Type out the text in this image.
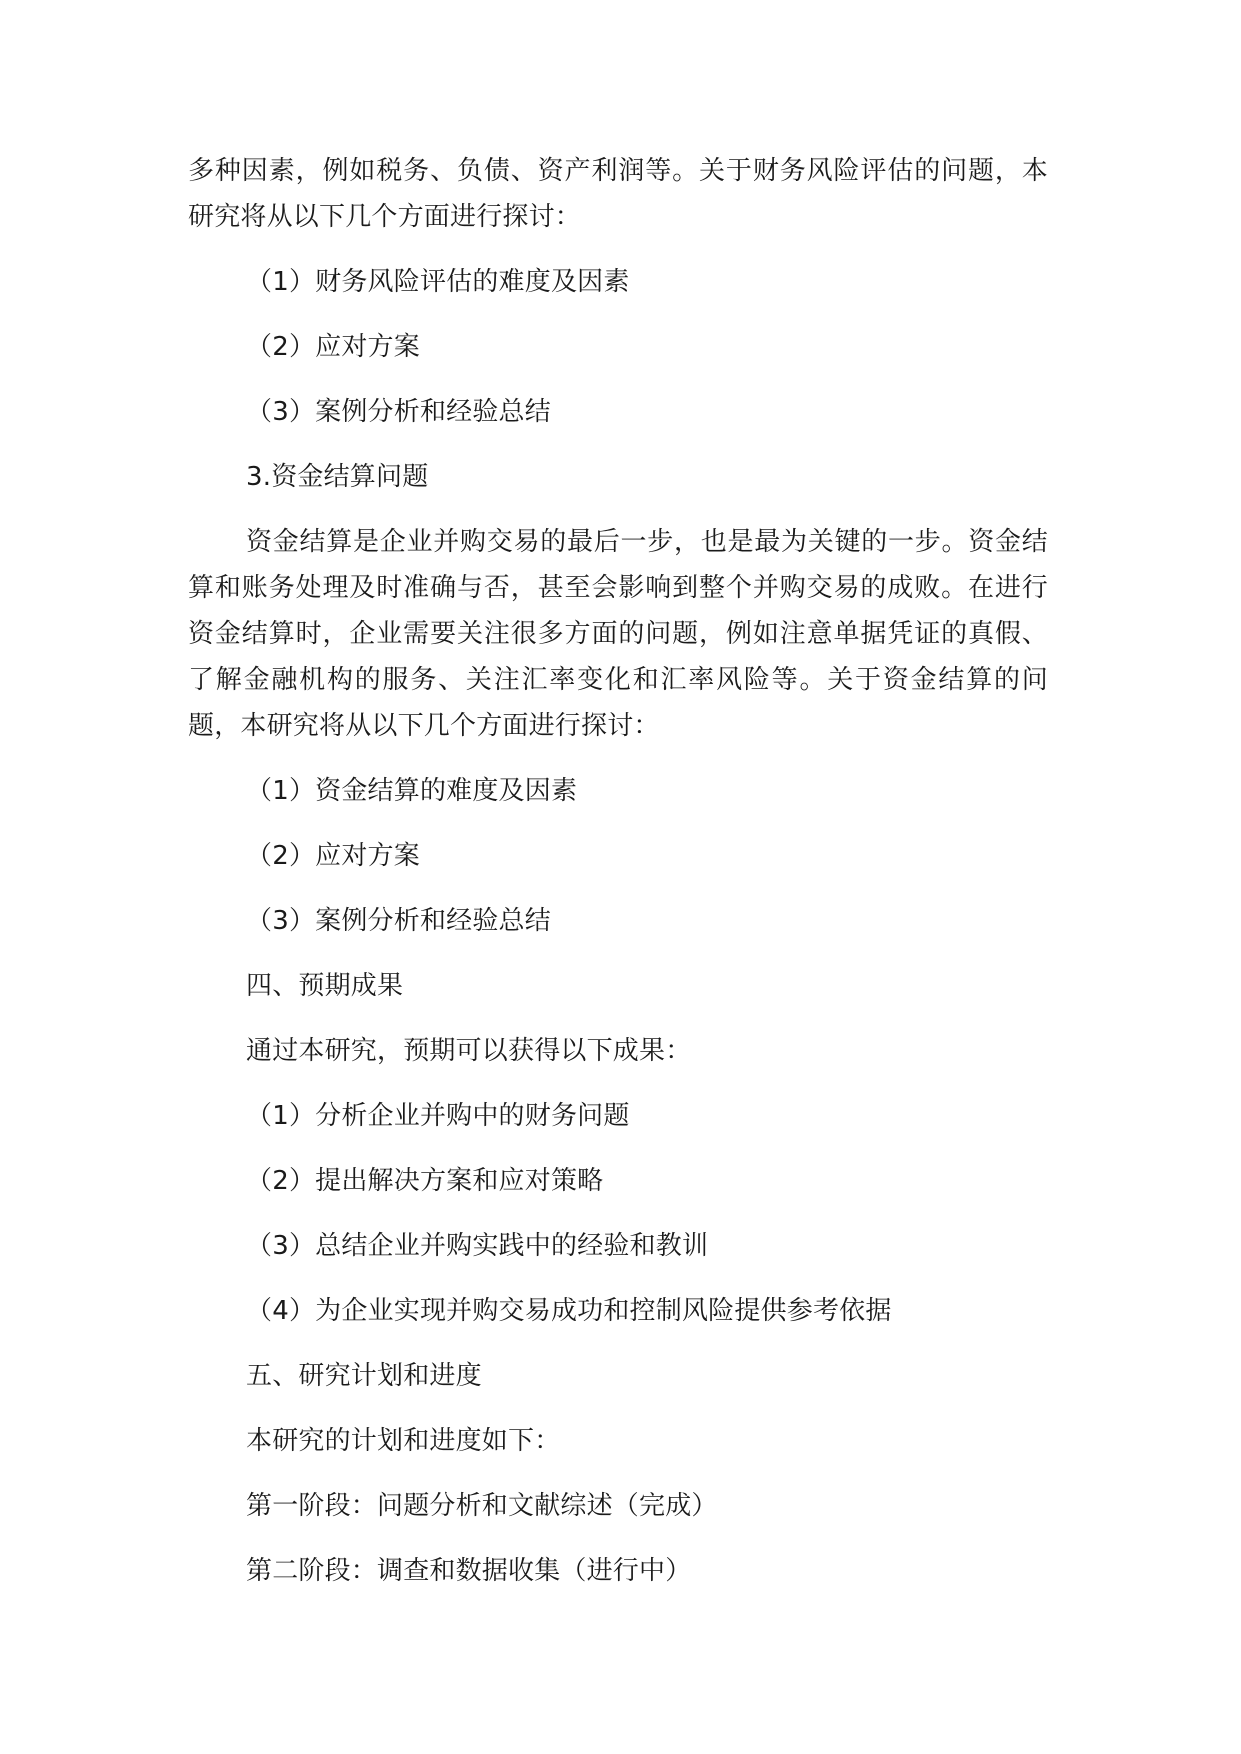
多种因素，例如税务、负债、资产利润等。关于财务风险评估的问题，本研究将从以下几个方面进行探讨：

（1）财务风险评估的难度及因素

（2）应对方案

（3）案例分析和经验总结

3.资金结算问题

资金结算是企业并购交易的最后一步，也是最为关键的一步。资金结算和账务处理及时准确与否，甚至会影响到整个并购交易的成败。在进行资金结算时，企业需要关注很多方面的问题，例如注意单据凭证的真假、了解金融机构的服务、关注汇率变化和汇率风险等。关于资金结算的问题，本研究将从以下几个方面进行探讨：

（1）资金结算的难度及因素

（2）应对方案

（3）案例分析和经验总结

四、预期成果

通过本研究，预期可以获得以下成果：

（1）分析企业并购中的财务问题

（2）提出解决方案和应对策略

（3）总结企业并购实践中的经验和教训

（4）为企业实现并购交易成功和控制风险提供参考依据

五、研究计划和进度

本研究的计划和进度如下：

第一阶段：问题分析和文献综述（完成）

第二阶段：调查和数据收集（进行中）
